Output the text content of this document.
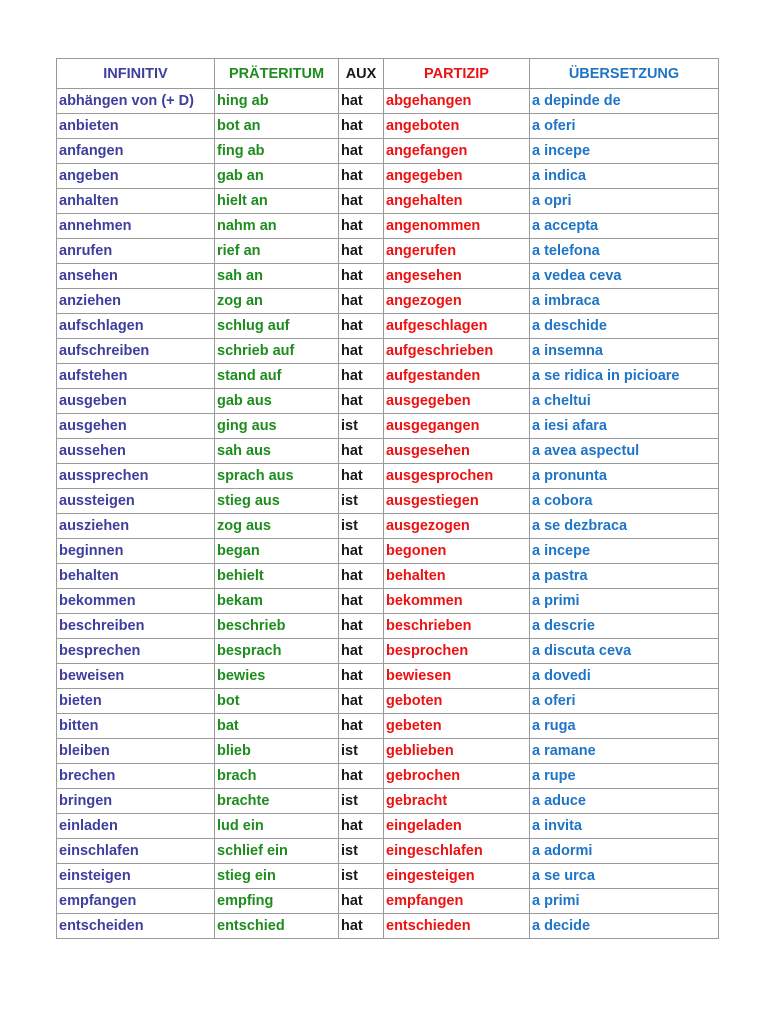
INFINITIV	PRÄTERITUM	AUX	PARTIZIP	ÜBERSETZUNG
abhängen von (+ D)	hing ab	hat	abgehangen	a depinde de
anbieten	bot an	hat	angeboten	a oferi
anfangen	fing ab	hat	angefangen	a incepe
angeben	gab an	hat	angegeben	a indica
anhalten	hielt an	hat	angehalten	a opri
annehmen	nahm an	hat	angenommen	a accepta
anrufen	rief an	hat	angerufen	a telefona
ansehen	sah an	hat	angesehen	a vedea ceva
anziehen	zog an	hat	angezogen	a imbraca
aufschlagen	schlug auf	hat	aufgeschlagen	a deschide
aufschreiben	schrieb auf	hat	aufgeschrieben	a insemna
aufstehen	stand auf	hat	aufgestanden	a se ridica in picioare
ausgeben	gab aus	hat	ausgegeben	a cheltui
ausgehen	ging aus	ist	ausgegangen	a iesi afara
aussehen	sah aus	hat	ausgesehen	a avea aspectul
aussprechen	sprach aus	hat	ausgesprochen	a pronunta
aussteigen	stieg aus	ist	ausgestiegen	a cobora
ausziehen	zog aus	ist	ausgezogen	a se dezbraca
beginnen	began	hat	begonen	a incepe
behalten	behielt	hat	behalten	a pastra
bekommen	bekam	hat	bekommen	a primi
beschreiben	beschrieb	hat	beschrieben	a descrie
besprechen	besprach	hat	besprochen	a discuta ceva
beweisen	bewies	hat	bewiesen	a dovedi
bieten	bot	hat	geboten	a oferi
bitten	bat	hat	gebeten	a ruga
bleiben	blieb	ist	geblieben	a ramane
brechen	brach	hat	gebrochen	a rupe
bringen	brachte	ist	gebracht	a aduce
einladen	lud ein	hat	eingeladen	a invita
einschlafen	schlief ein	ist	eingeschlafen	a adormi
einsteigen	stieg ein	ist	eingesteigen	a se urca
empfangen	empfing	hat	empfangen	a primi
entscheiden	entschied	hat	entschieden	a decide
